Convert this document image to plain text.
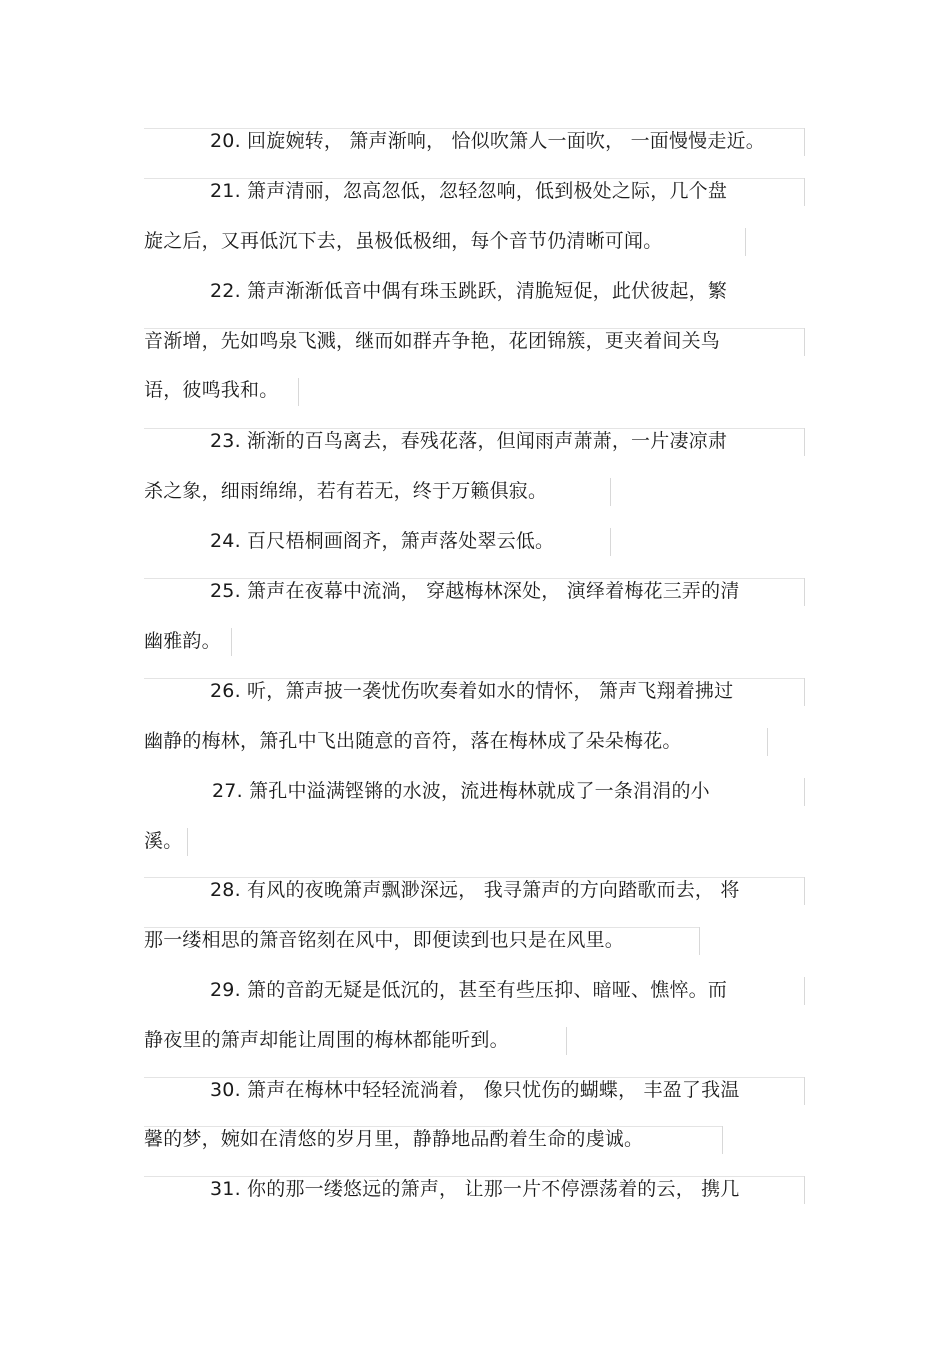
20. 回旋婉转， 箫声渐响， 恰似吹箫人一面吹， 一面慢慢走近。
21. 箫声清丽，忽高忽低，忽轻忽响，低到极处之际，几个盘
旋之后，又再低沉下去，虽极低极细，每个音节仍清晰可闻。
22. 箫声渐渐低音中偶有珠玉跳跃，清脆短促，此伏彼起，繁
音渐增，先如鸣泉飞溅，继而如群卉争艳，花团锦簇，更夹着间关鸟
语，彼鸣我和。
23. 渐渐的百鸟离去，春残花落，但闻雨声萧萧，一片凄凉肃
杀之象，细雨绵绵，若有若无，终于万籁俱寂。
24. 百尺梧桐画阁齐，箫声落处翠云低。
25. 箫声在夜幕中流淌， 穿越梅林深处， 演绎着梅花三弄的清
幽雅韵。
26. 听，箫声披一袭忧伤吹奏着如水的情怀， 箫声飞翔着拂过
幽静的梅林，箫孔中飞出随意的音符，落在梅林成了朵朵梅花。
27. 箫孔中溢满铿锵的水波，流进梅林就成了一条涓涓的小
溪。
28. 有风的夜晚箫声飘渺深远， 我寻箫声的方向踏歌而去， 将
那一缕相思的箫音铭刻在风中，即便读到也只是在风里。
29. 箫的音韵无疑是低沉的，甚至有些压抑、暗哑、憔悴。而
静夜里的箫声却能让周围的梅林都能听到。
30. 箫声在梅林中轻轻流淌着， 像只忧伤的蝴蝶， 丰盈了我温
馨的梦，婉如在清悠的岁月里，静静地品酌着生命的虔诚。
31. 你的那一缕悠远的箫声， 让那一片不停漂荡着的云， 携几
